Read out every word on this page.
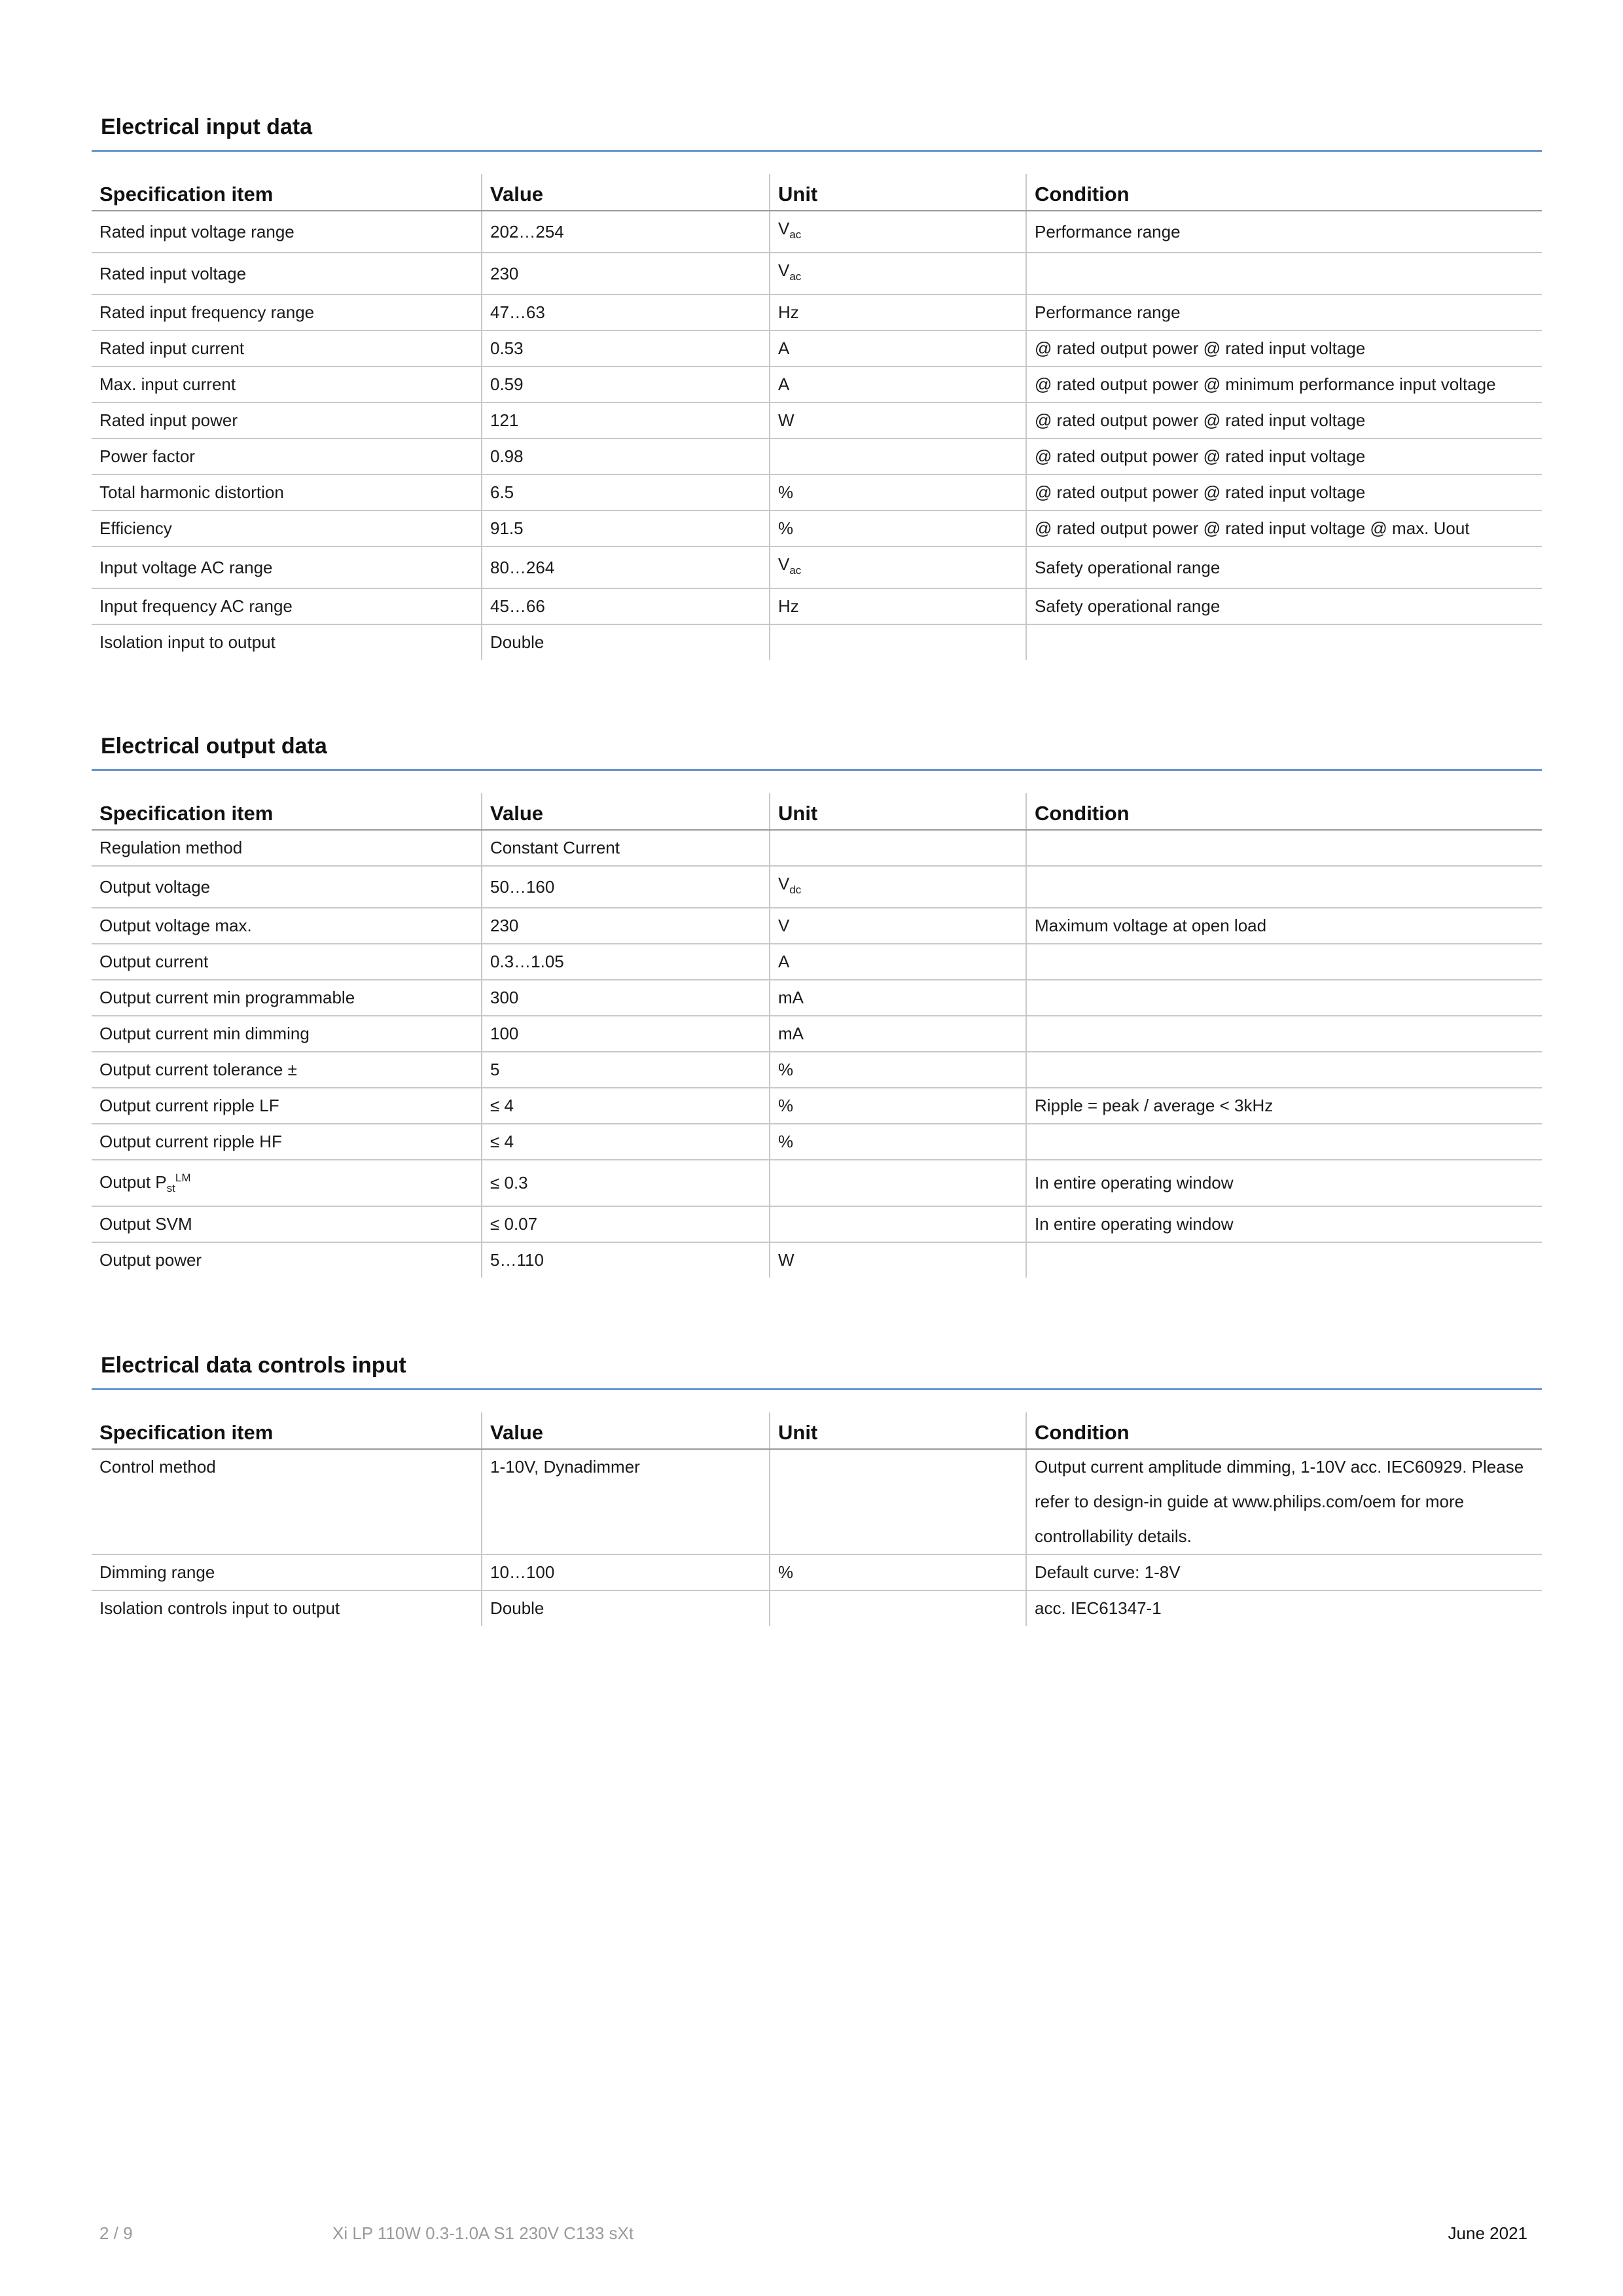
Electrical input data
Specification item	Value	Unit	Condition
Rated input voltage range	202…254	$V_{ac}$	Performance range
Rated input voltage	230	$V_{ac}$	
Rated input frequency range	47…63	Hz	Performance range
Rated input current	0.53	A	@ rated output power @ rated input voltage
Max. input current	0.59	A	@ rated output power @ minimum performance input voltage
Rated input power	121	W	@ rated output power @ rated input voltage
Power factor	0.98		@ rated output power @ rated input voltage
Total harmonic distortion	6.5	%	@ rated output power @ rated input voltage
Efficiency	91.5	%	@ rated output power @ rated input voltage @ max. Uout
Input voltage AC range	80…264	$V_{ac}$	Safety operational range
Input frequency AC range	45…66	Hz	Safety operational range
Isolation input to output	Double		
Electrical output data
Specification item	Value	Unit	Condition
Regulation method	Constant Current		
Output voltage	50…160	$V_{dc}$	
Output voltage max.	230	V	Maximum voltage at open load
Output current	0.3…1.05	A	
Output current min programmable	300	mA	
Output current min dimming	100	mA	
Output current tolerance ±	5	%	
Output current ripple LF	≤ 4	%	Ripple = peak / average < 3kHz
Output current ripple HF	≤ 4	%	
Output $P_{st}^{LM}$	≤ 0.3		In entire operating window
Output SVM	≤ 0.07		In entire operating window
Output power	5…110	W	
Electrical data controls input
Specification item	Value	Unit	Condition
Control method	1-10V, Dynadimmer		Output current amplitude dimming, 1-10V acc. IEC60929. Please refer to design-in guide at www.philips.com/oem for more controllability details.
Dimming range	10…100	%	Default curve: 1-8V
Isolation controls input to output	Double		acc. IEC61347-1
2 / 9	Xi LP 110W 0.3-1.0A S1 230V C133 sXt	June 2021
